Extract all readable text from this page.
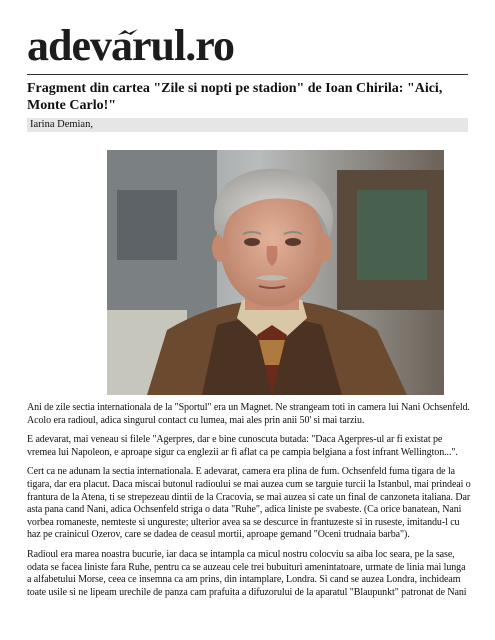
adevarul.ro
Fragment din cartea "Zile si nopti pe stadion" de Ioan Chirila: "Aici, Monte Carlo!"
Iarina Demian,

Ani de zile sectia internationala de la "Sportul" era un Magnet. Ne strangeam toti in camera lui Nani Ochsenfeld. Acolo era radioul, adica singurul contact cu lumea, mai ales prin anii 50' si mai tarziu.

E adevarat, mai veneau si filele "Agerpres, dar e bine cunoscuta butada: "Daca Agerpres-ul ar fi existat pe vremea lui Napoleon, e aproape sigur ca englezii ar fi aflat ca pe campia belgiana a fost infrant Wellington...".

Cert ca ne adunam la sectia internationala. E adevarat, camera era plina de fum. Ochsenfeld fuma tigara de la tigara, dar era placut. Daca miscai butonul radioului se mai auzea cum se targuie turcii la Istanbul, mai prindeai o frantura de la Atena, ti se strepezeau dintii de la Cracovia, se mai auzea si cate un final de canzoneta italiana. Dar asta pana cand Nani, adica Ochsenfeld striga o data "Ruhe", adica liniste pe svabeste. (Ca orice banatean, Nani vorbea romaneste, nemteste si ungureste; ulterior avea sa se descurce in frantuzeste si in ruseste, imitandu-l cu haz pe crainicul Ozerov, care se dadea de ceasul mortii, aproape gemand "Oceni trudnaia barba").

Radioul era marea noastra bucurie, iar daca se intampla ca micul nostru colocviu sa aiba loc seara, pe la sase, odata se facea liniste fara Ruhe, pentru ca se auzeau cele trei bubuituri amenintatoare, urmate de linia mai lunga a alfabetului Morse, ceea ce insemna ca am prins, din intamplare, Londra. Si cand se auzea Londra, inchideam toate usile si ne lipeam urechile de panza cam prafuita a difuzorului de la aparatul "Blaupunkt" patronat de Nani
